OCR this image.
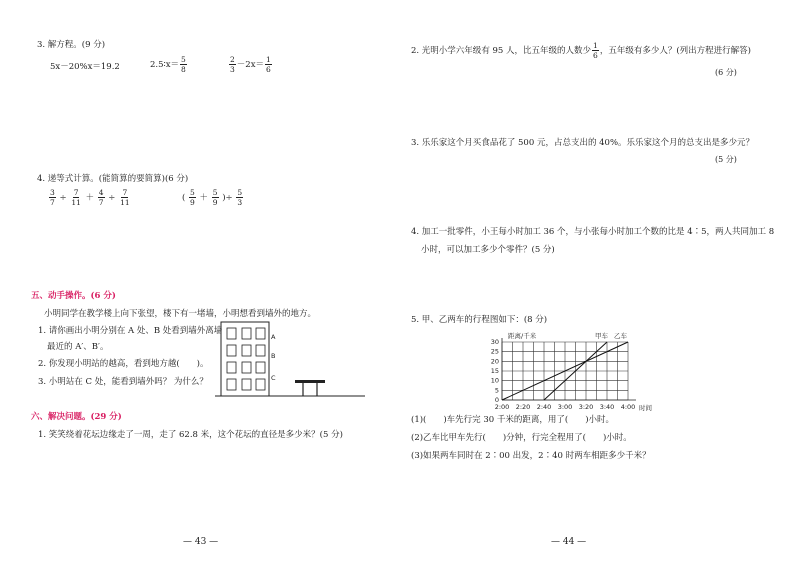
3. 解方程。(9 分)
5x－20%x＝19.2	2.5∶x＝ $\frac{5}{8}$	$\frac{2}{3} -2x= \frac{1}{6}$
4. 递等式计算。(能简算的要简算)(6 分)
$\frac{3}{7} \div \frac{7}{11} + \frac{4}{7} \div \frac{7}{11}$	( $\frac{5}{9} + \frac{5}{9}$ )÷ $\frac{5}{3}$
五、动手操作。(6 分)
小明同学在教学楼上向下张望，楼下有一堵墙，小明想看到墙外的地方。
1. 请你画出小明分别在 A 处、B 处看到墙外离墙
最近的 A′、B′。
2. 你发现小明站的越高，看到地方越(　　)。
3. 小明站在 C 处，能看到墙外吗？ 为什么？
A
B
C
六、解决问题。(29 分)
1. 笑笑绕着花坛边缘走了一周，走了 62.8 米，这个花坛的直径是多少米？(5 分)
— 43 —
2. 光明小学六年级有 95 人，比五年级的人数少 $\frac{1}{6}$ ，五年级有多少人？(列出方程进行解答)
(6 分)
3. 乐乐家这个月买食品花了 500 元，占总支出的 40%。乐乐家这个月的总支出是多少元？
(5 分)
4. 加工一批零件，小王每小时加工 36 个，与小张每小时加工个数的比是 4∶5，两人共同加工 8
小时，可以加工多少个零件？(5 分)
5. 甲、乙两车的行程图如下：(8 分)
0
5
10
15
20
25
30
2:00 2:20 2:40 3:00 3:20 3:40 4:00
距离/千米
时间
甲车 乙车
(1)(　　)车先行完 30 千米的距离，用了(　　)小时。
(2)乙车比甲车先行(　　)分钟，行完全程用了(　　)小时。
(3)如果两车同时在 2∶00 出发，2∶40 时两车相距多少千米？
— 44 —
